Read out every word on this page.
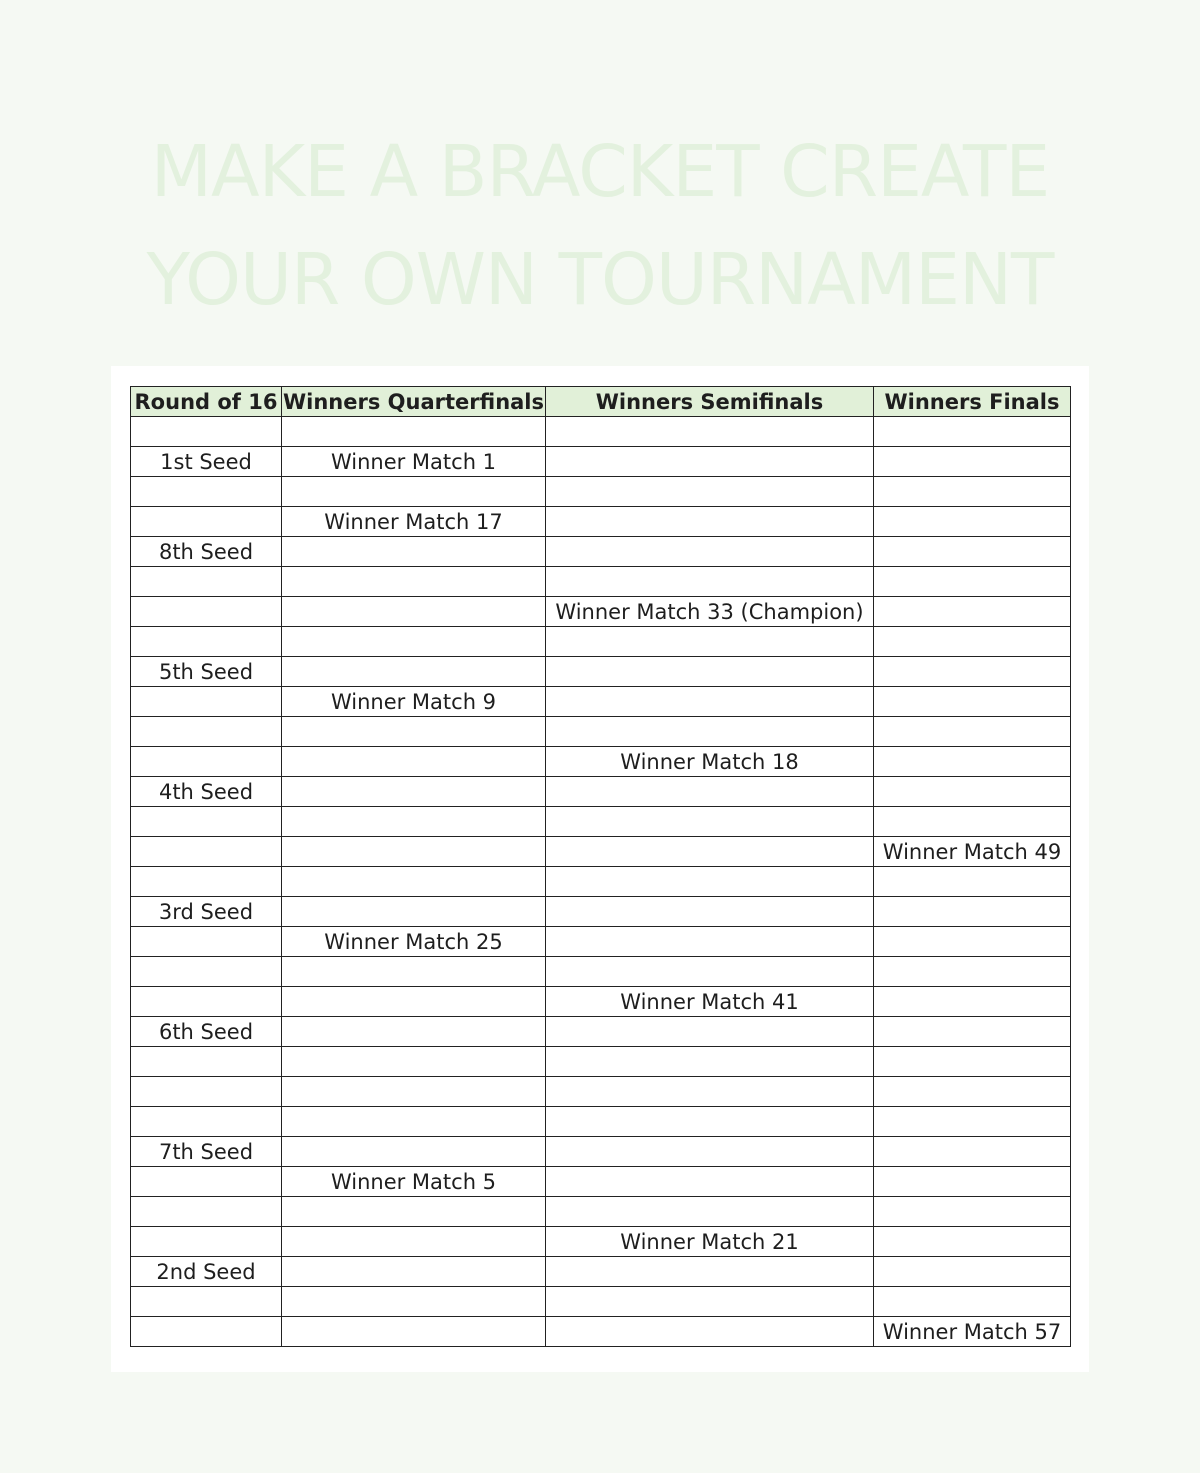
MAKE A BRACKET CREATE
YOUR OWN TOURNAMENT
Round of 16	Winners Quarterfinals	Winners Semifinals	Winners Finals

1st Seed	Winner Match 1		

	Winner Match 17		
8th Seed			

		Winner Match 33 (Champion)	

5th Seed			
	Winner Match 9		

		Winner Match 18	
4th Seed			

			Winner Match 49

3rd Seed			
	Winner Match 25		

		Winner Match 41	
6th Seed			

7th Seed			
	Winner Match 5		

		Winner Match 21	
2nd Seed			

			Winner Match 57
